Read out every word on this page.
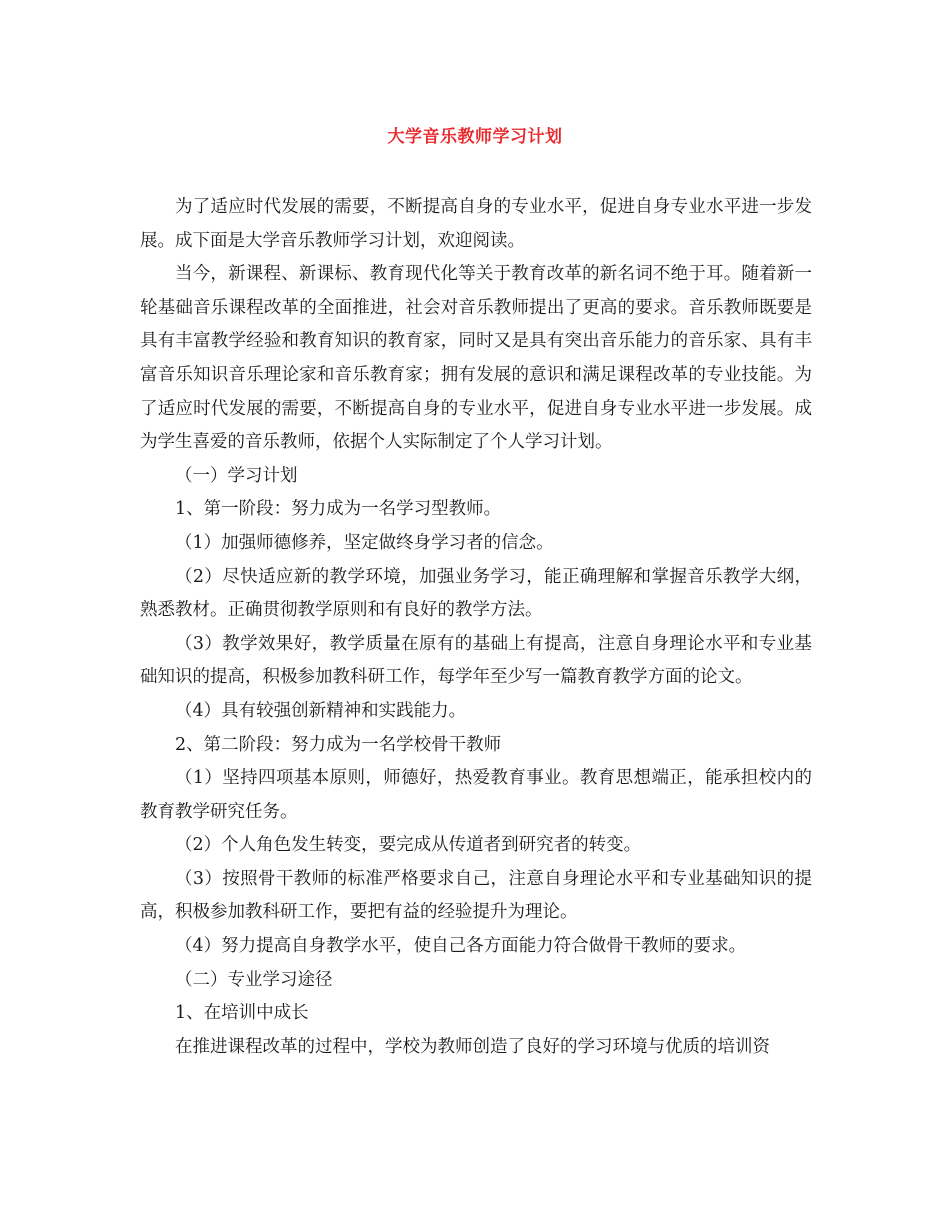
大学音乐教师学习计划

为了适应时代发展的需要，不断提高自身的专业水平，促进自身专业水平进一步发展。成下面是大学音乐教师学习计划，欢迎阅读。

当今，新课程、新课标、教育现代化等关于教育改革的新名词不绝于耳。随着新一轮基础音乐课程改革的全面推进，社会对音乐教师提出了更高的要求。音乐教师既要是具有丰富教学经验和教育知识的教育家，同时又是具有突出音乐能力的音乐家、具有丰富音乐知识音乐理论家和音乐教育家；拥有发展的意识和满足课程改革的专业技能。为了适应时代发展的需要，不断提高自身的专业水平，促进自身专业水平进一步发展。成为学生喜爱的音乐教师，依据个人实际制定了个人学习计划。

（一）学习计划

1、第一阶段：努力成为一名学习型教师。

（1）加强师德修养，坚定做终身学习者的信念。

（2）尽快适应新的教学环境，加强业务学习，能正确理解和掌握音乐教学大纲，熟悉教材。正确贯彻教学原则和有良好的教学方法。

（3）教学效果好，教学质量在原有的基础上有提高，注意自身理论水平和专业基础知识的提高，积极参加教科研工作，每学年至少写一篇教育教学方面的论文。

（4）具有较强创新精神和实践能力。

2、第二阶段：努力成为一名学校骨干教师

（1）坚持四项基本原则，师德好，热爱教育事业。教育思想端正，能承担校内的教育教学研究任务。

（2）个人角色发生转变，要完成从传道者到研究者的转变。

（3）按照骨干教师的标准严格要求自己，注意自身理论水平和专业基础知识的提高，积极参加教科研工作，要把有益的经验提升为理论。

（4）努力提高自身教学水平，使自己各方面能力符合做骨干教师的要求。

（二）专业学习途径

1、在培训中成长

在推进课程改革的过程中，学校为教师创造了良好的学习环境与优质的培训资
